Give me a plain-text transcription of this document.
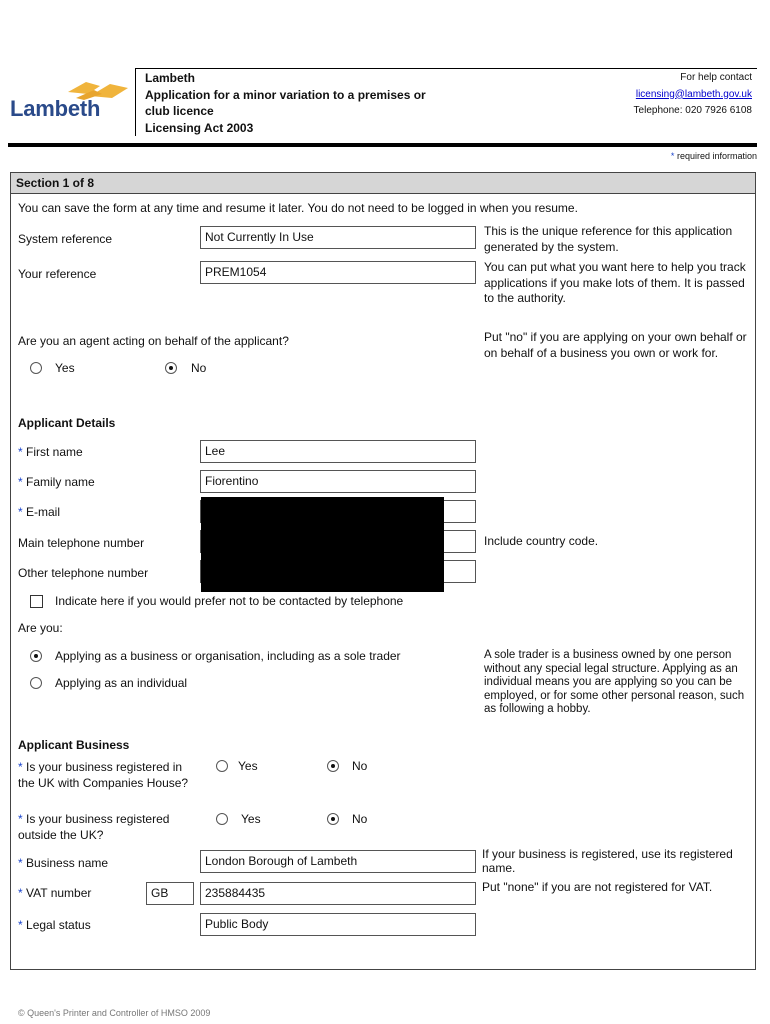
Lambeth
Lambeth
Application for a minor variation to a premises or
club licence
Licensing Act 2003
For help contact
licensing@lambeth.gov.uk
Telephone: 020 7926 6108
* required information
Section 1 of 8
You can save the form at any time and resume it later. You do not need to be logged in when you resume.
System reference	Not Currently In Use	This is the unique reference for this application generated by the system.
Your reference	PREM1054	You can put what you want here to help you track applications if you make lots of them. It is passed to the authority.
Are you an agent acting on behalf of the applicant?	Put "no" if you are applying on your own behalf or on behalf of a business you own or work for.
Yes	No
Applicant Details
* First name	Lee
* Family name	Fiorentino
* E-mail
Main telephone number	Include country code.
Other telephone number
Indicate here if you would prefer not to be contacted by telephone
Are you:
Applying as a business or organisation, including as a sole trader
Applying as an individual
A sole trader is a business owned by one person without any special legal structure. Applying as an individual means you are applying so you can be employed, or for some other personal reason, such as following a hobby.
Applicant Business
* Is your business registered in the UK with Companies House?
Yes	No
* Is your business registered outside the UK?
Yes	No
* Business name	London Borough of Lambeth	If your business is registered, use its registered name.
* VAT number	GB	235884435	Put "none" if you are not registered for VAT.
* Legal status	Public Body
© Queen's Printer and Controller of HMSO 2009
